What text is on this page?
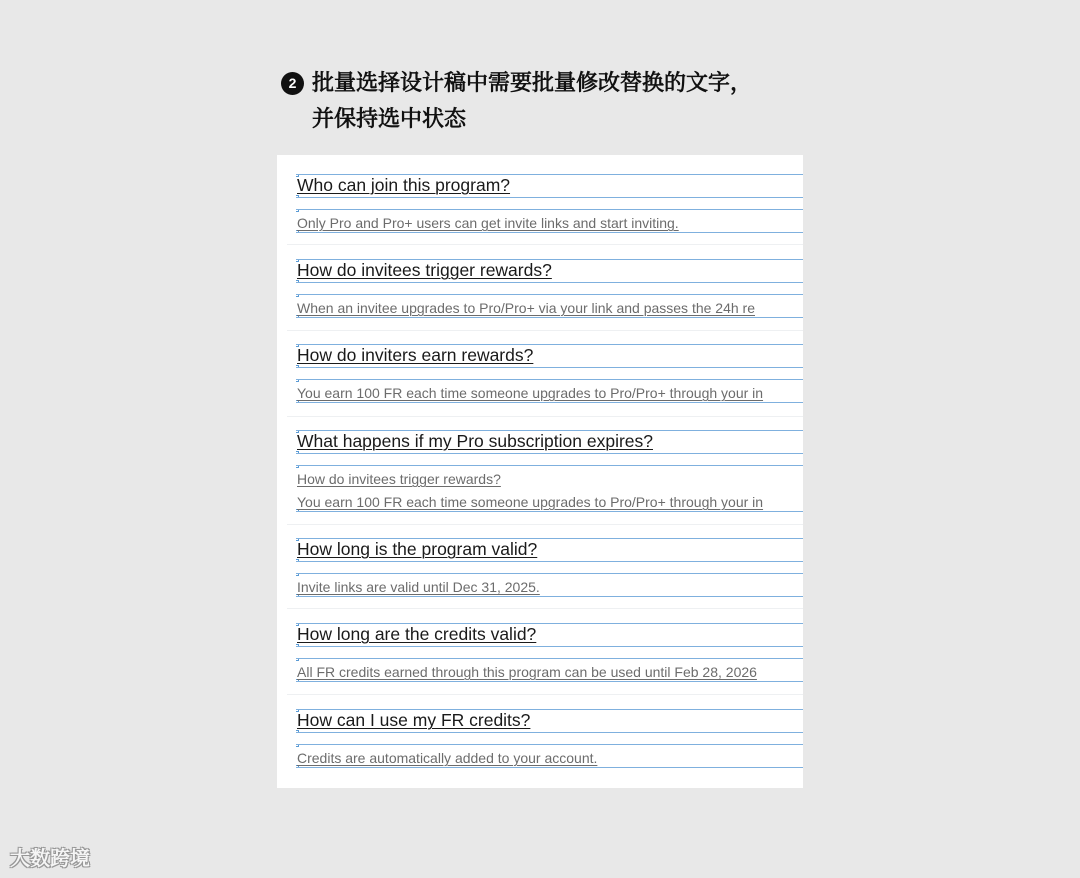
2 批量选择设计稿中需要批量修改替换的文字，
并保持选中状态
Who can join this program?
Only Pro and Pro+ users can get invite links and start inviting.
How do invitees trigger rewards?
When an invitee upgrades to Pro/Pro+ via your link and passes the 24h re
How do inviters earn rewards?
You earn 100 FR each time someone upgrades to Pro/Pro+ through your in
What happens if my Pro subscription expires?
How do invitees trigger rewards?
You earn 100 FR each time someone upgrades to Pro/Pro+ through your in
How long is the program valid?
Invite links are valid until Dec 31, 2025.
How long are the credits valid?
All FR credits earned through this program can be used until Feb 28, 2026
How can I use my FR credits?
Credits are automatically added to your account.
大数跨境
